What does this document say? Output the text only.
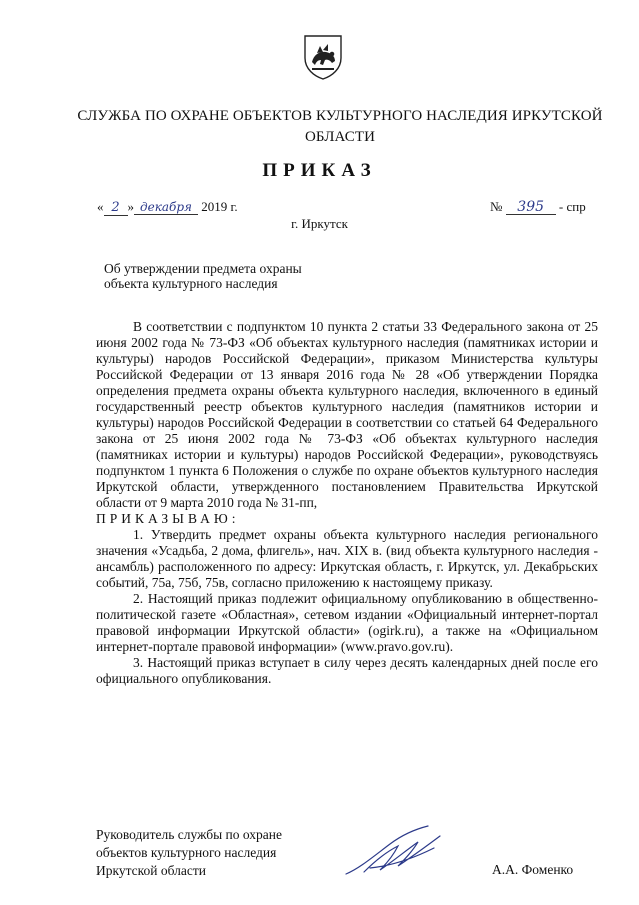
СЛУЖБА ПО ОХРАНЕ ОБЪЕКТОВ КУЛЬТУРНОГО НАСЛЕДИЯ ИРКУТСКОЙ ОБЛАСТИ
ПРИКАЗ
« 2 » декабря 2019 г.	№ 395 - спр
г. Иркутск
Об утверждении предмета охраны
объекта культурного наследия

В соответствии с подпунктом 10 пункта 2 статьи 33 Федерального закона от 25 июня 2002 года № 73-ФЗ «Об объектах культурного наследия (памятниках истории и культуры) народов Российской Федерации», приказом Министерства культуры Российской Федерации от 13 января 2016 года № 28 «Об утверждении Порядка определения предмета охраны объекта культурного наследия, включенного в единый государственный реестр объектов культурного наследия (памятников истории и культуры) народов Российской Федерации в соответствии со статьей 64 Федерального закона от 25 июня 2002 года № 73-ФЗ «Об объектах культурного наследия (памятниках истории и культуры) народов Российской Федерации», руководствуясь подпунктом 1 пункта 6 Положения о службе по охране объектов культурного наследия Иркутской области, утвержденного постановлением Правительства Иркутской области от 9 марта 2010 года № 31-пп,

ПРИКАЗЫВАЮ:

1. Утвердить предмет охраны объекта культурного наследия регионального значения «Усадьба, 2 дома, флигель», нач. XIX в. (вид объекта культурного наследия - ансамбль) расположенного по адресу: Иркутская область, г. Иркутск, ул. Декабрьских событий, 75а, 75б, 75в, согласно приложению к настоящему приказу.

2. Настоящий приказ подлежит официальному опубликованию в общественно-политической газете «Областная», сетевом издании «Официальный интернет-портал правовой информации Иркутской области» (ogirk.ru), а также на «Официальном интернет-портале правовой информации» (www.pravo.gov.ru).

3. Настоящий приказ вступает в силу через десять календарных дней после его официального опубликования.

Руководитель службы по охране
объектов культурного наследия
Иркутской области	А.А. Фоменко
